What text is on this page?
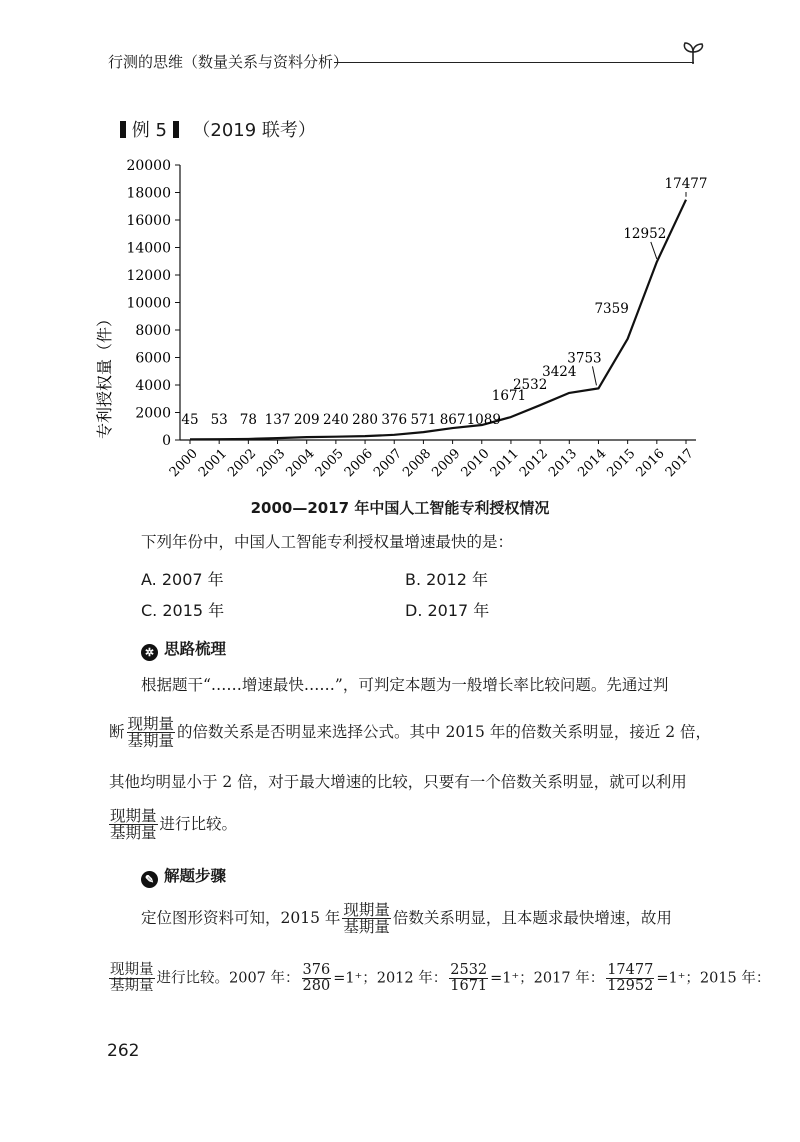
行测的思维（数量关系与资料分析）
例 5 （2019 联考）
0
2000
4000
6000
8000
10000
12000
14000
16000
18000
20000
2000
2001
2002
2003
2004
2005
2006
2007
2008
2009
2010
2011
2012
2013
2014
2015
2016
2017
45 53 78 137 209 240 280 376 571 867 1089
1671
2532
3424
3753
7359
12952
17477
专利授权量（件）
2000—2017 年中国人工智能专利授权情况
下列年份中，中国人工智能专利授权量增速最快的是：
A. 2007 年	B. 2012 年
C. 2015 年	D. 2017 年
✲ 思路梳理
根据题干“……增速最快……”，可判定本题为一般增长率比较问题。先通过判
断 $\frac{\text{现期量}}{\text{基期量}}$ 的倍数关系是否明显来选择公式。其中 2015 年的倍数关系明显，接近 2 倍，
其他均明显小于 2 倍，对于最大增速的比较，只要有一个倍数关系明显，就可以利用
$\frac{\text{现期量}}{\text{基期量}}$ 进行比较。
✎ 解题步骤
定位图形资料可知，2015 年 $\frac{\text{现期量}}{\text{基期量}}$ 倍数关系明显，且本题求最快增速，故用
$\frac{\text{现期量}}{\text{基期量}}$ 进行比较。2007 年： $\frac{376}{280} =1^+$；2012 年： $\frac{2532}{1671} =1^+$；2017 年： $\frac{17477}{12952} =1^+$；2015 年：
262
